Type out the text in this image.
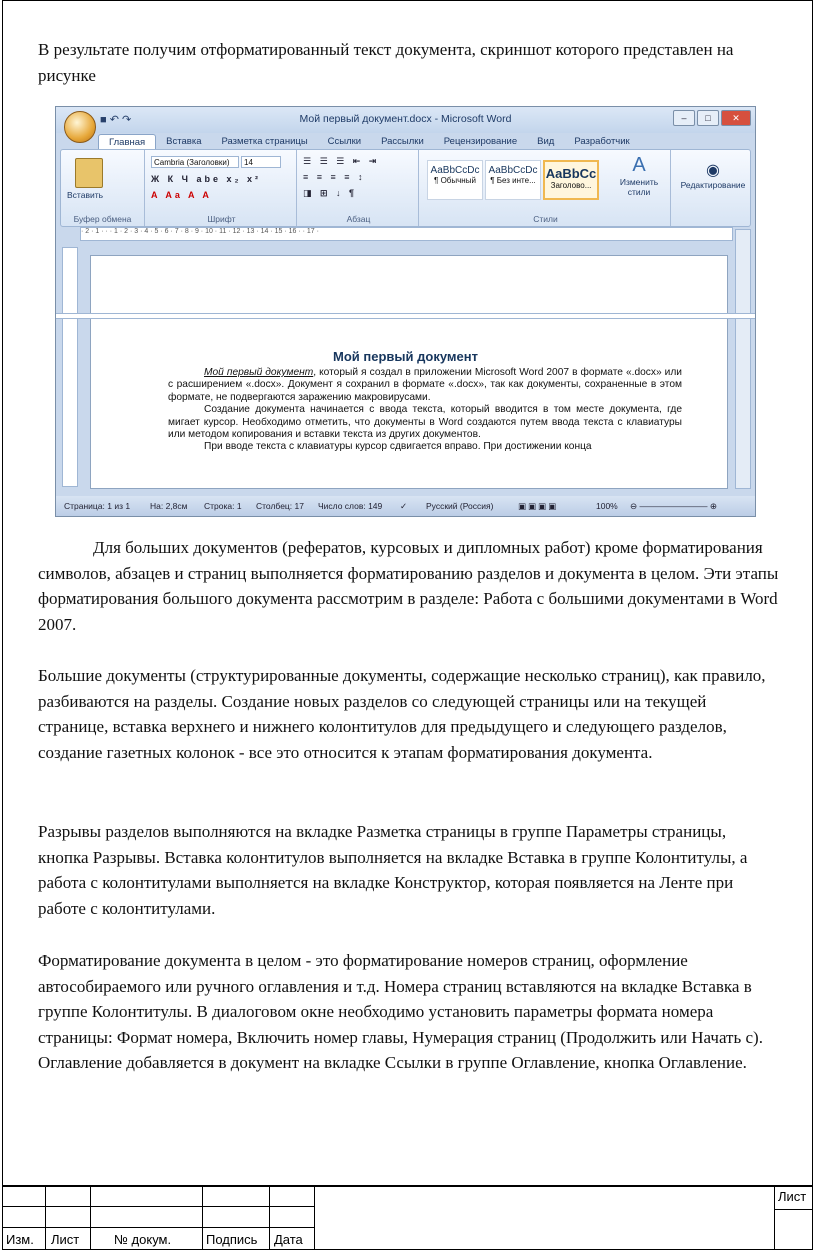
В результате получим отформатированный текст документа, скриншот которого представлен на рисунке

Мой первый документ.docx - Microsoft Word
■ ↶ ↷	–	□	✕
Главная	Вставка	Разметка страницы	Ссылки	Рассылки	Рецензирование	Вид	Разработчик
Вставить
Буфер обмена
Cambria (Заголовки)	14
Ж К Ч abe x₂ x²
A Aa A A
Шрифт
☰ ☰ ☰ ⇤ ⇥
≡ ≡ ≡ ≡ ↕
◨ ⊞ ↓ ¶
Абзац
AaBbCcDc
¶ Обычный
AaBbCcDc
¶ Без инте... AaBbCc
Заголово...
A
Изменить стили
Стили
◉
Редактирование
· 2 · 1 · · · 1 · 2 · 3 · 4 · 5 · 6 · 7 · 8 · 9 · 10 · 11 · 12 · 13 · 14 · 15 · 16 · · 17 ·
Мой первый документ

Мой первый документ, который я создал в приложении Microsoft Word 2007 в формате «.docx» или с расширением «.docx». Документ я сохранил в формате «.docx», так как документы, сохраненные в этом формате, не подвергаются заражению макровирусами.

Создание документа начинается с ввода текста, который вводится в том месте документа, где мигает курсор. Необходимо отметить, что документы в Word создаются путем ввода текста с клавиатуры или методом копирования и вставки текста из других документов.

При вводе текста с клавиатуры курсор сдвигается вправо. При достижении конца

Страница: 1 из 1 На: 2,8см Строка: 1 Столбец: 17 Число слов: 149 ✓ Русский (Россия)	▣▣▣▣	100% ⊖ ———————— ⊕

Для больших документов (рефератов, курсовых и дипломных работ) кроме форматирования символов, абзацев и страниц выполняется форматированию разделов и документа в целом. Эти этапы форматирования большого документа рассмотрим в разделе: Работа с большими документами в Word 2007.

Большие документы (структурированные документы, содержащие несколько страниц), как правило, разбиваются на разделы. Создание новых разделов со следующей страницы или на текущей странице, вставка верхнего и нижнего колонтитулов для предыдущего и следующего разделов, создание газетных колонок - все это относится к этапам форматирования документа.

Разрывы разделов выполняются на вкладке Разметка страницы в группе Параметры страницы, кнопка Разрывы. Вставка колонтитулов выполняется на вкладке Вставка в группе Колонтитулы, а работа с колонтитулами выполняется на вкладке Конструктор, которая появляется на Ленте при работе с колонтитулами.

Форматирование документа в целом - это форматирование номеров страниц, оформление автособираемого или ручного оглавления и т.д. Номера страниц вставляются на вкладке Вставка в группе Колонтитулы. В диалоговом окне необходимо установить параметры формата номера страницы: Формат номера, Включить номер главы, Нумерация страниц (Продолжить или Начать с). Оглавление добавляется в документ на вкладке Ссылки в группе Оглавление, кнопка Оглавление.

Изм. Лист	№ докум.	Подпись Дата
Лист
